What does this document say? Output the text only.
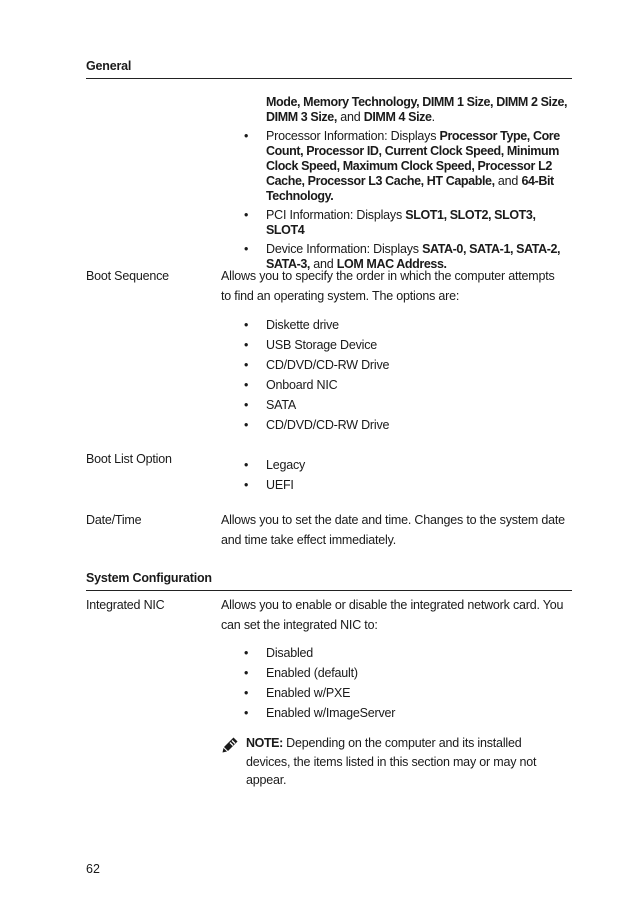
General
Mode, Memory Technology, DIMM 1 Size, DIMM 2 Size, DIMM 3 Size, and DIMM 4 Size.
• Processor Information: Displays Processor Type, Core Count, Processor ID, Current Clock Speed, Minimum Clock Speed, Maximum Clock Speed, Processor L2 Cache, Processor L3 Cache, HT Capable, and 64-Bit Technology.
• PCI Information: Displays SLOT1, SLOT2, SLOT3, SLOT4
• Device Information: Displays SATA-0, SATA-1, SATA-2, SATA-3, and LOM MAC Address.
Boot Sequence	Allows you to specify the order in which the computer attempts to find an operating system. The options are:
• Diskette drive
• USB Storage Device
• CD/DVD/CD-RW Drive
• Onboard NIC
• SATA
• CD/DVD/CD-RW Drive
Boot List Option	• Legacy
• UEFI
Date/Time	Allows you to set the date and time. Changes to the system date and time take effect immediately.
System Configuration
Integrated NIC	Allows you to enable or disable the integrated network card. You can set the integrated NIC to:
• Disabled
• Enabled (default)
• Enabled w/PXE
• Enabled w/ImageServer
NOTE: Depending on the computer and its installed devices, the items listed in this section may or may not appear.
62
